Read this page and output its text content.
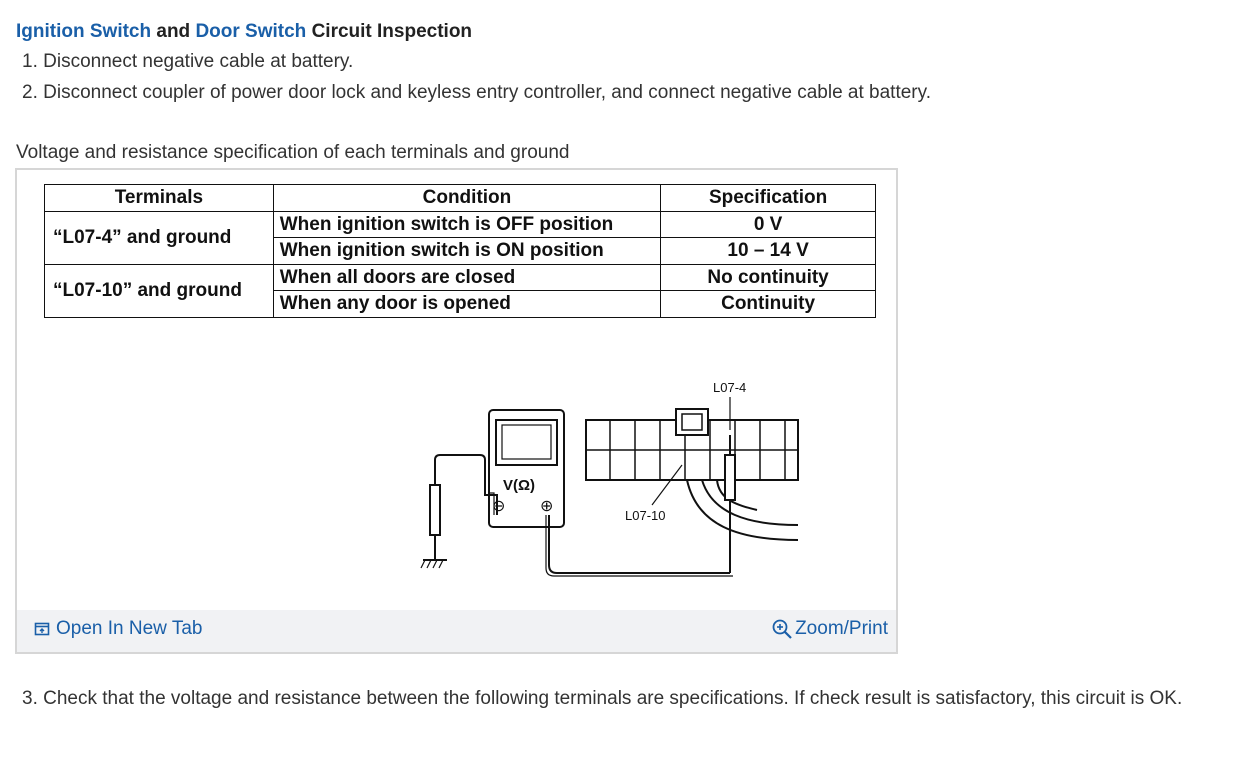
Ignition Switch and Door Switch Circuit Inspection
1. Disconnect negative cable at battery.
2. Disconnect coupler of power door lock and keyless entry controller, and connect negative cable at battery.
Voltage and resistance specification of each terminals and ground
Terminals	Condition	Specification
“L07-4” and ground	When ignition switch is OFF position	0 V
	When ignition switch is ON position	10 – 14 V
“L07-10” and ground	When all doors are closed	No continuity
	When any door is opened	Continuity
L07-4
L07-10
V(Ω)
⊖ ⊕
Open In New Tab	Zoom/Print
3. Check that the voltage and resistance between the following terminals are specifications. If check result is satisfactory, this circuit is OK.
